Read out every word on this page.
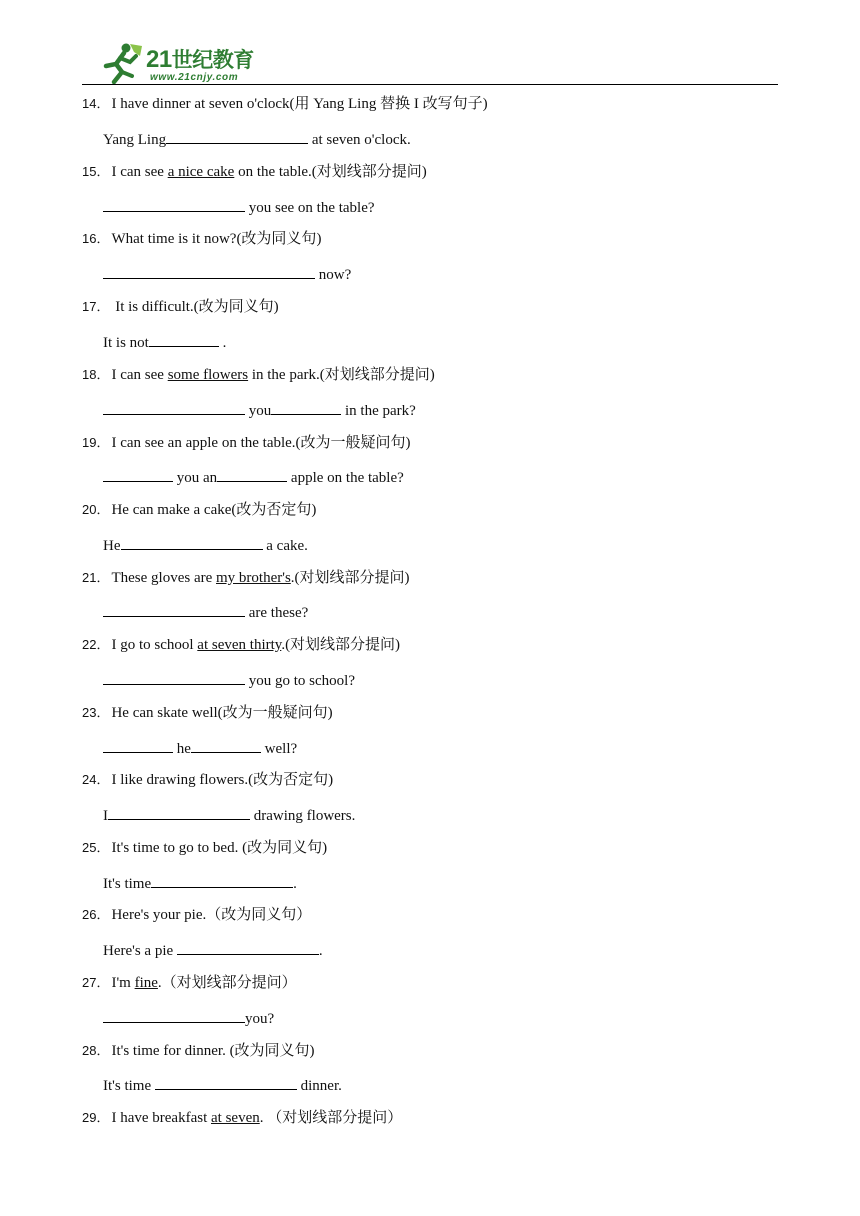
21世纪教育
www.21cnjy.com
14． I have dinner at seven o'clock(用 Yang Ling 替换 I 改写句子)
Yang Ling	at seven o'clock.
15． I can see a nice cake on the table.(对划线部分提问)
you see on the table?
16． What time is it now?(改为同义句)
now?
17． It is difficult.(改为同义句)
It is not	.
18． I can see some flowers in the park.(对划线部分提问)
you	in the park?
19． I can see an apple on the table.(改为一般疑问句)
you an	apple on the table?
20． He can make a cake(改为否定句)
He	a cake.
21． These gloves are my brother's.(对划线部分提问)
are these?
22． I go to school at seven thirty.(对划线部分提问)
you go to school?
23． He can skate well(改为一般疑问句)
he	well?
24． I like drawing flowers.(改为否定句)
I	drawing flowers.
25． It's time to go to bed. (改为同义句)
It's time	.
26． Here's your pie.（改为同义句）
Here's a pie	.
27． I'm fine.（对划线部分提问）
you?
28． It's time for dinner. (改为同义句)
It's time	dinner.
29． I have breakfast at seven. （对划线部分提问）
